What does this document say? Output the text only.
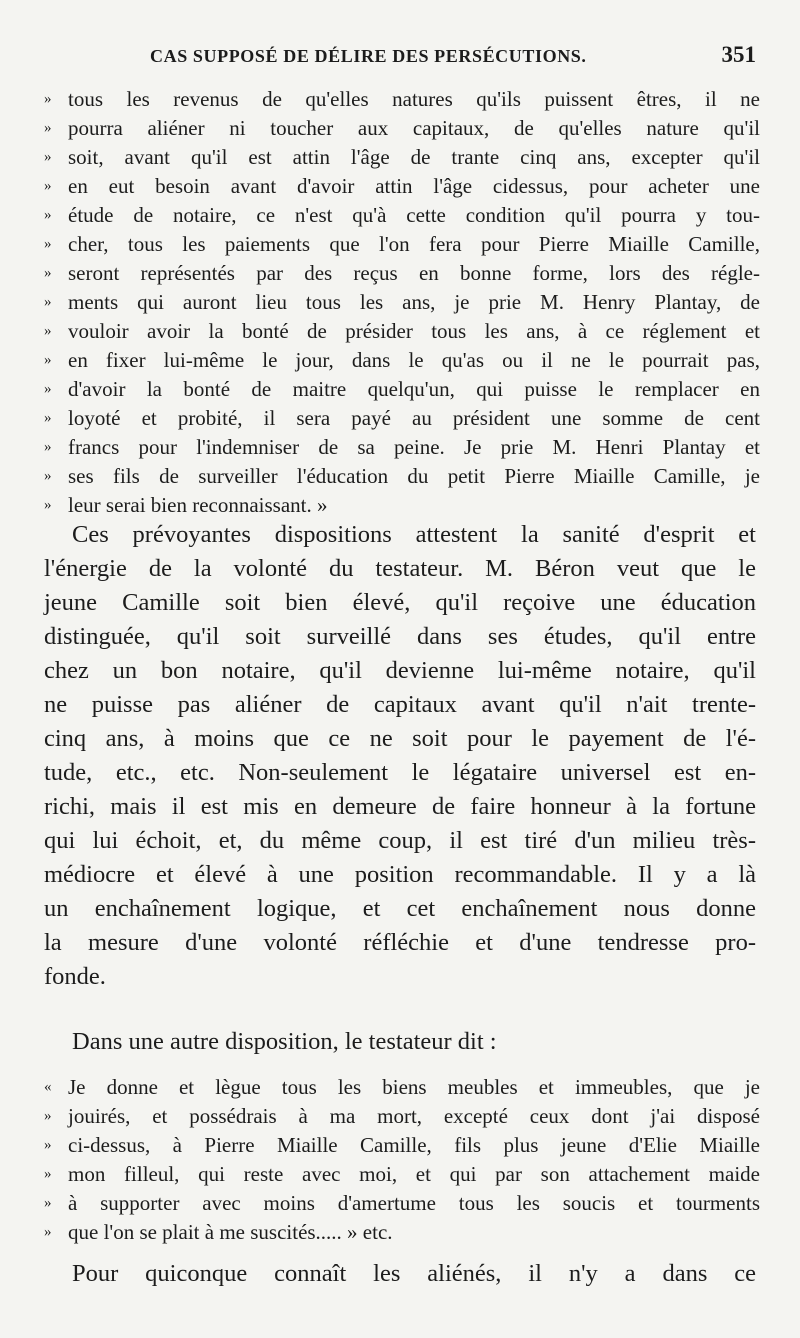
CAS SUPPOSÉ DE DÉLIRE DES PERSÉCUTIONS.	351
» tous les revenus de qu'elles natures qu'ils puissent êtres, il ne
» pourra aliéner ni toucher aux capitaux, de qu'elles nature qu'il
» soit, avant qu'il est attin l'âge de trante cinq ans, excepter qu'il
» en eut besoin avant d'avoir attin l'âge cidessus, pour acheter une
» étude de notaire, ce n'est qu'à cette condition qu'il pourra y tou-
» cher, tous les paiements que l'on fera pour Pierre Miaille Camille,
» seront représentés par des reçus en bonne forme, lors des régle-
» ments qui auront lieu tous les ans, je prie M. Henry Plantay, de
» vouloir avoir la bonté de présider tous les ans, à ce réglement et
» en fixer lui-même le jour, dans le qu'as ou il ne le pourrait pas,
» d'avoir la bonté de maitre quelqu'un, qui puisse le remplacer en
» loyoté et probité, il sera payé au président une somme de cent
» francs pour l'indemniser de sa peine. Je prie M. Henri Plantay et
» ses fils de surveiller l'éducation du petit Pierre Miaille Camille, je
» leur serai bien reconnaissant. »
Ces prévoyantes dispositions attestent la sanité d'esprit et
l'énergie de la volonté du testateur. M. Béron veut que le
jeune Camille soit bien élevé, qu'il reçoive une éducation
distinguée, qu'il soit surveillé dans ses études, qu'il entre
chez un bon notaire, qu'il devienne lui-même notaire, qu'il
ne puisse pas aliéner de capitaux avant qu'il n'ait trente-
cinq ans, à moins que ce ne soit pour le payement de l'é-
tude, etc., etc. Non-seulement le légataire universel est en-
richi, mais il est mis en demeure de faire honneur à la fortune
qui lui échoit, et, du même coup, il est tiré d'un milieu très-
médiocre et élevé à une position recommandable. Il y a là
un enchaînement logique, et cet enchaînement nous donne
la mesure d'une volonté réfléchie et d'une tendresse pro-
fonde.
Dans une autre disposition, le testateur dit :
« Je donne et lègue tous les biens meubles et immeubles, que je
» jouirés, et possédrais à ma mort, excepté ceux dont j'ai disposé
» ci-dessus, à Pierre Miaille Camille, fils plus jeune d'Elie Miaille
» mon filleul, qui reste avec moi, et qui par son attachement maide
» à supporter avec moins d'amertume tous les soucis et tourments
» que l'on se plait à me suscités..... » etc.
Pour quiconque connaît les aliénés, il n'y a dans ce
